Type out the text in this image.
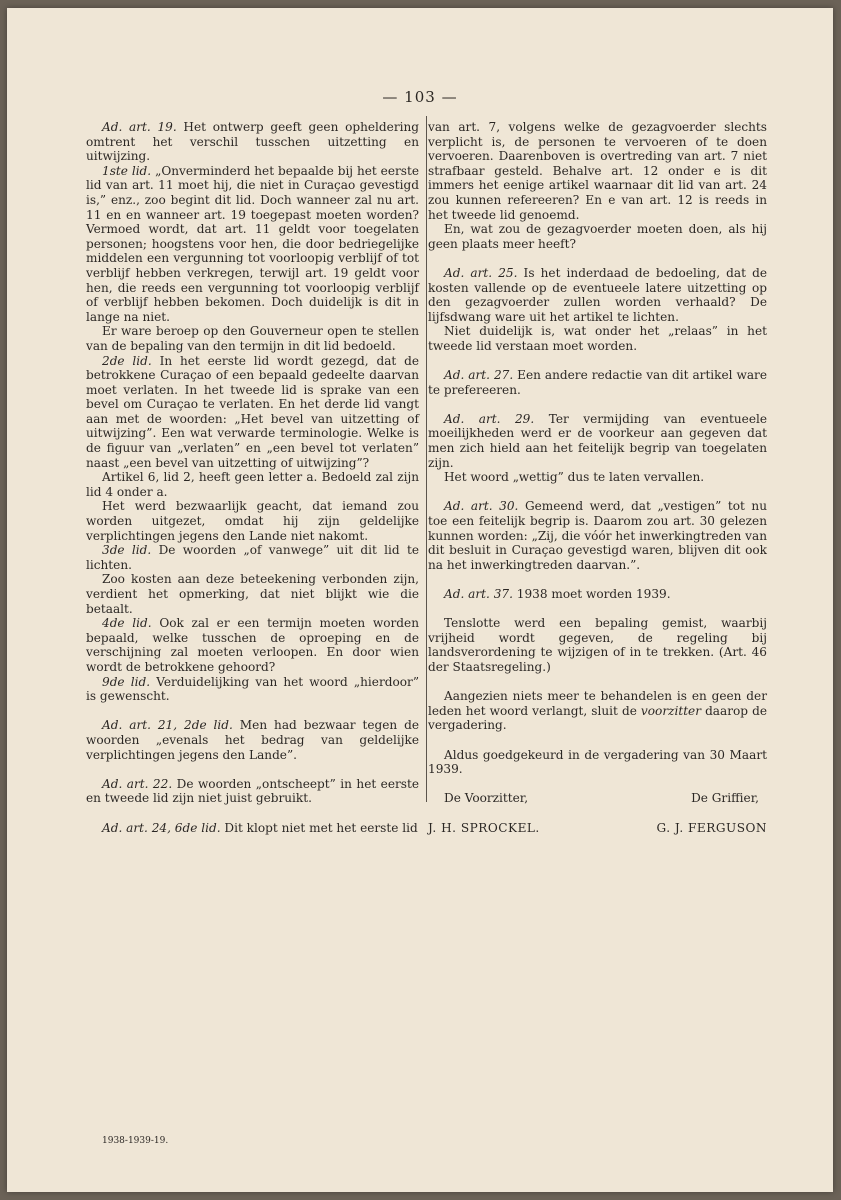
— 103 —

Ad. art. 19. Het ontwerp geeft geen opheldering omtrent het verschil tusschen uitzetting en uitwijzing.

1ste lid. „Onverminderd het bepaalde bij het eerste lid van art. 11 moet hij, die niet in Curaçao gevestigd is,” enz., zoo begint dit lid. Doch wanneer zal nu art. 11 en en wanneer art. 19 toegepast moeten worden? Vermoed wordt, dat art. 11 geldt voor toegelaten personen; hoogstens voor hen, die door bedriegelijke middelen een vergunning tot voorloopig verblijf of tot verblijf hebben verkregen, terwijl art. 19 geldt voor hen, die reeds een vergunning tot voorloopig verblijf of verblijf hebben bekomen. Doch duidelijk is dit in lange na niet.

Er ware beroep op den Gouverneur open te stellen van de bepaling van den termijn in dit lid bedoeld.

2de lid. In het eerste lid wordt gezegd, dat de betrokkene Curaçao of een bepaald gedeelte daarvan moet verlaten. In het tweede lid is sprake van een bevel om Curaçao te verlaten. En het derde lid vangt aan met de woorden: „Het bevel van uitzetting of uitwijzing”. Een wat verwarde terminologie. Welke is de figuur van „verlaten” en „een bevel tot verlaten” naast „een bevel van uitzetting of uitwijzing”?

Artikel 6, lid 2, heeft geen letter a. Bedoeld zal zijn lid 4 onder a.

Het werd bezwaarlijk geacht, dat iemand zou worden uitgezet, omdat hij zijn geldelijke verplichtingen jegens den Lande niet nakomt.

3de lid. De woorden „of vanwege” uit dit lid te lichten.

Zoo kosten aan deze beteekening verbonden zijn, verdient het opmerking, dat niet blijkt wie die betaalt.

4de lid. Ook zal er een termijn moeten worden bepaald, welke tusschen de oproeping en de verschijning zal moeten verloopen. En door wien wordt de betrokkene gehoord?

9de lid. Verduidelijking van het woord „hierdoor” is gewenscht.

Ad. art. 21, 2de lid. Men had bezwaar tegen de woorden „evenals het bedrag van geldelijke verplichtingen jegens den Lande”.

Ad. art. 22. De woorden „ontscheept” in het eerste en tweede lid zijn niet juist gebruikt.

Ad. art. 24, 6de lid. Dit klopt niet met het eerste lid

van art. 7, volgens welke de gezagvoerder slechts verplicht is, de personen te vervoeren of te doen vervoeren. Daarenboven is overtreding van art. 7 niet strafbaar gesteld. Behalve art. 12 onder e is dit immers het eenige artikel waarnaar dit lid van art. 24 zou kunnen refereeren? En e van art. 12 is reeds in het tweede lid genoemd.

En, wat zou de gezagvoerder moeten doen, als hij geen plaats meer heeft?

Ad. art. 25. Is het inderdaad de bedoeling, dat de kosten vallende op de eventueele latere uitzetting op den gezagvoerder zullen worden verhaald? De lijfsdwang ware uit het artikel te lichten.

Niet duidelijk is, wat onder het „relaas” in het tweede lid verstaan moet worden.

Ad. art. 27. Een andere redactie van dit artikel ware te prefereeren.

Ad. art. 29. Ter vermijding van eventueele moeilijkheden werd er de voorkeur aan gegeven dat men zich hield aan het feitelijk begrip van toegelaten zijn.

Het woord „wettig” dus te laten vervallen.

Ad. art. 30. Gemeend werd, dat „vestigen” tot nu toe een feitelijk begrip is. Daarom zou art. 30 gelezen kunnen worden: „Zij, die vóór het inwerkingtreden van dit besluit in Curaçao gevestigd waren, blijven dit ook na het inwerkingtreden daarvan.”.

Ad. art. 37. 1938 moet worden 1939.

Tenslotte werd een bepaling gemist, waarbij vrijheid wordt gegeven, de regeling bij landsverordening te wijzigen of in te trekken. (Art. 46 der Staatsregeling.)

Aangezien niets meer te behandelen is en geen der leden het woord verlangt, sluit de voorzitter daarop de vergadering.

Aldus goedgekeurd in de vergadering van 30 Maart 1939.

De Voorzitter,	De Griffier,
J. H. SPROCKEL.	G. J. FERGUSON
1938-1939-19.
